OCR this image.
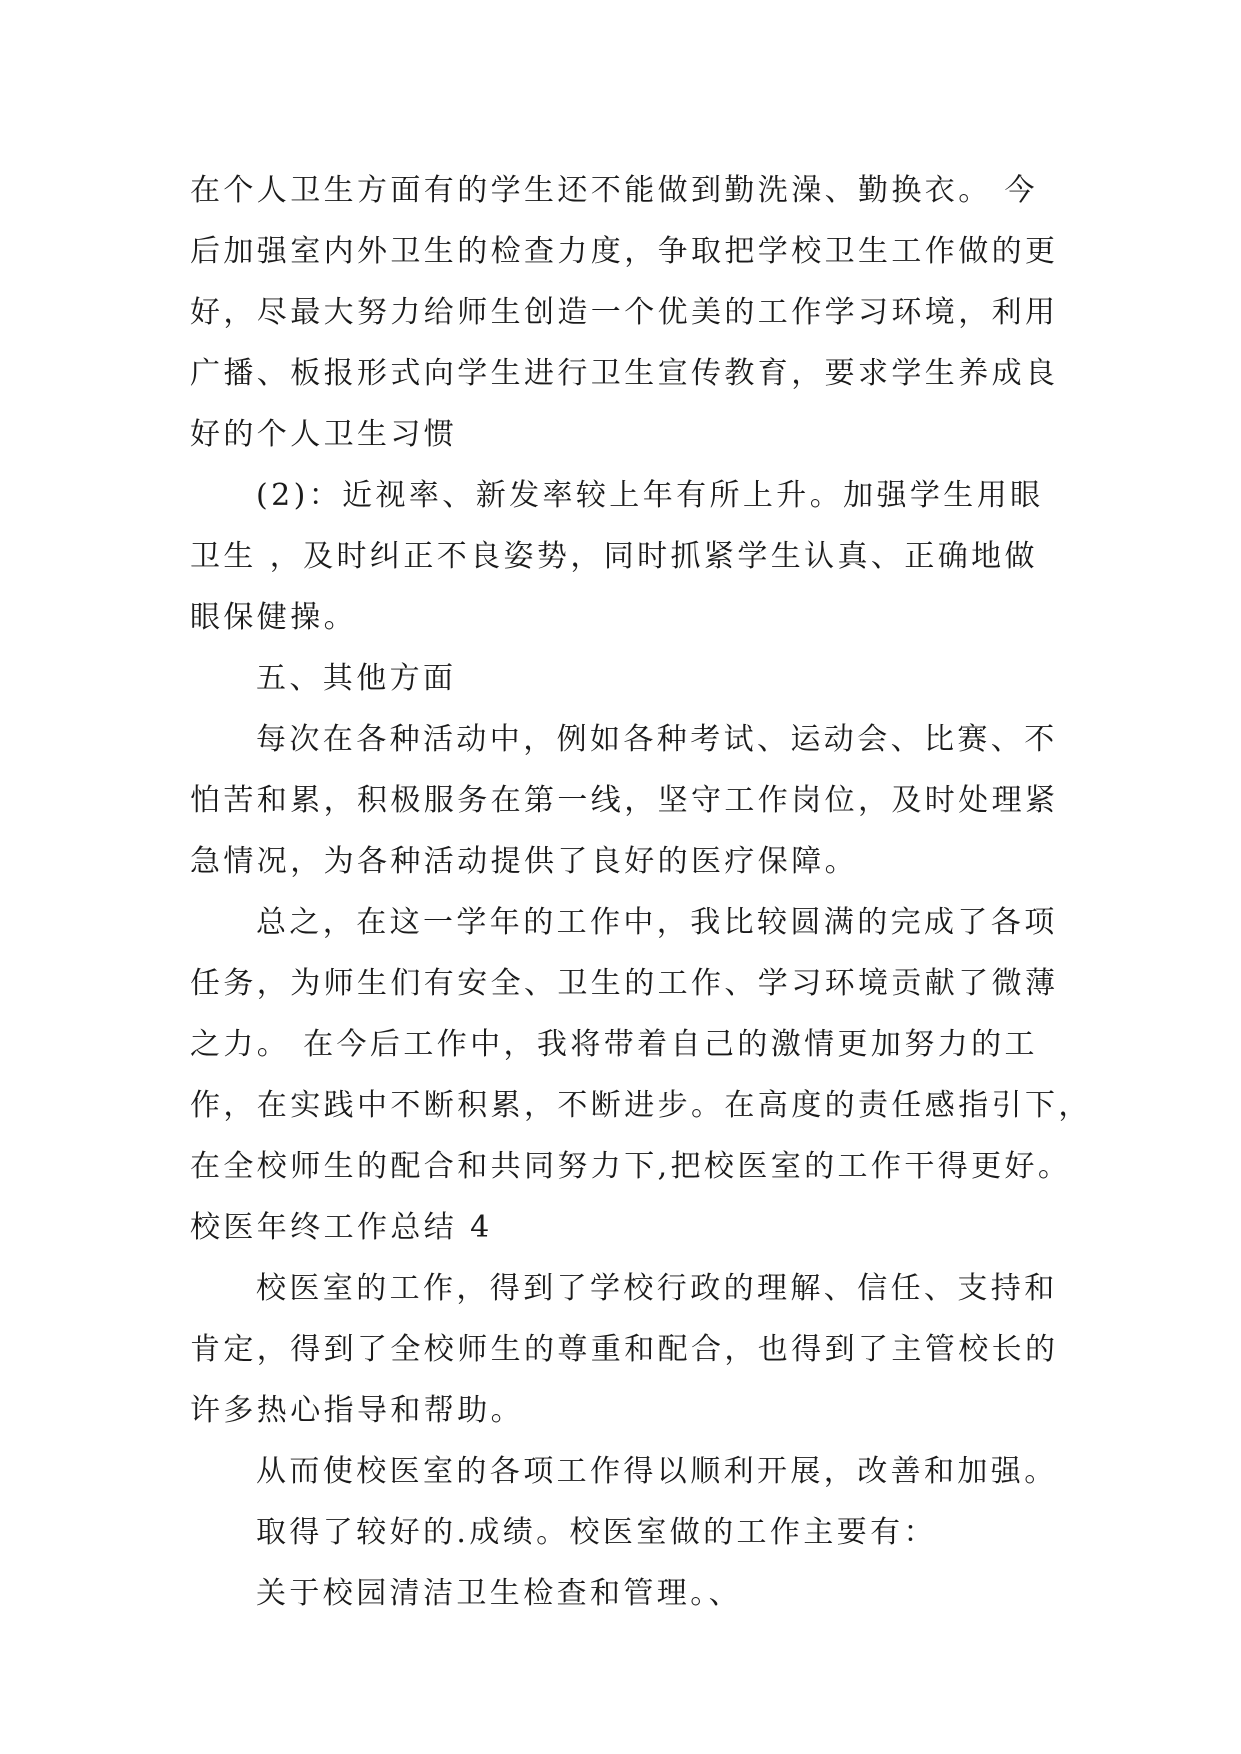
在个人卫生方面有的学生还不能做到勤洗澡、勤换衣。 今
后加强室内外卫生的检查力度，争取把学校卫生工作做的更
好，尽最大努力给师生创造一个优美的工作学习环境，利用
广播、板报形式向学生进行卫生宣传教育，要求学生养成良
好的个人卫生习惯

(2)：近视率、新发率较上年有所上升。加强学生用眼
卫生 ，及时纠正不良姿势，同时抓紧学生认真、正确地做
眼保健操。

五、其他方面

每次在各种活动中，例如各种考试、运动会、比赛、不
怕苦和累，积极服务在第一线，坚守工作岗位，及时处理紧
急情况，为各种活动提供了良好的医疗保障。

总之，在这一学年的工作中，我比较圆满的完成了各项
任务，为师生们有安全、卫生的工作、学习环境贡献了微薄
之力。 在今后工作中，我将带着自己的激情更加努力的工
作，在实践中不断积累，不断进步。在高度的责任感指引下，
在全校师生的配合和共同努力下,把校医室的工作干得更好。

校医年终工作总结 4

校医室的工作，得到了学校行政的理解、信任、支持和
肯定，得到了全校师生的尊重和配合，也得到了主管校长的
许多热心指导和帮助。

从而使校医室的各项工作得以顺利开展，改善和加强。

取得了较好的.成绩。校医室做的工作主要有：

关于校园清洁卫生检查和管理。、
